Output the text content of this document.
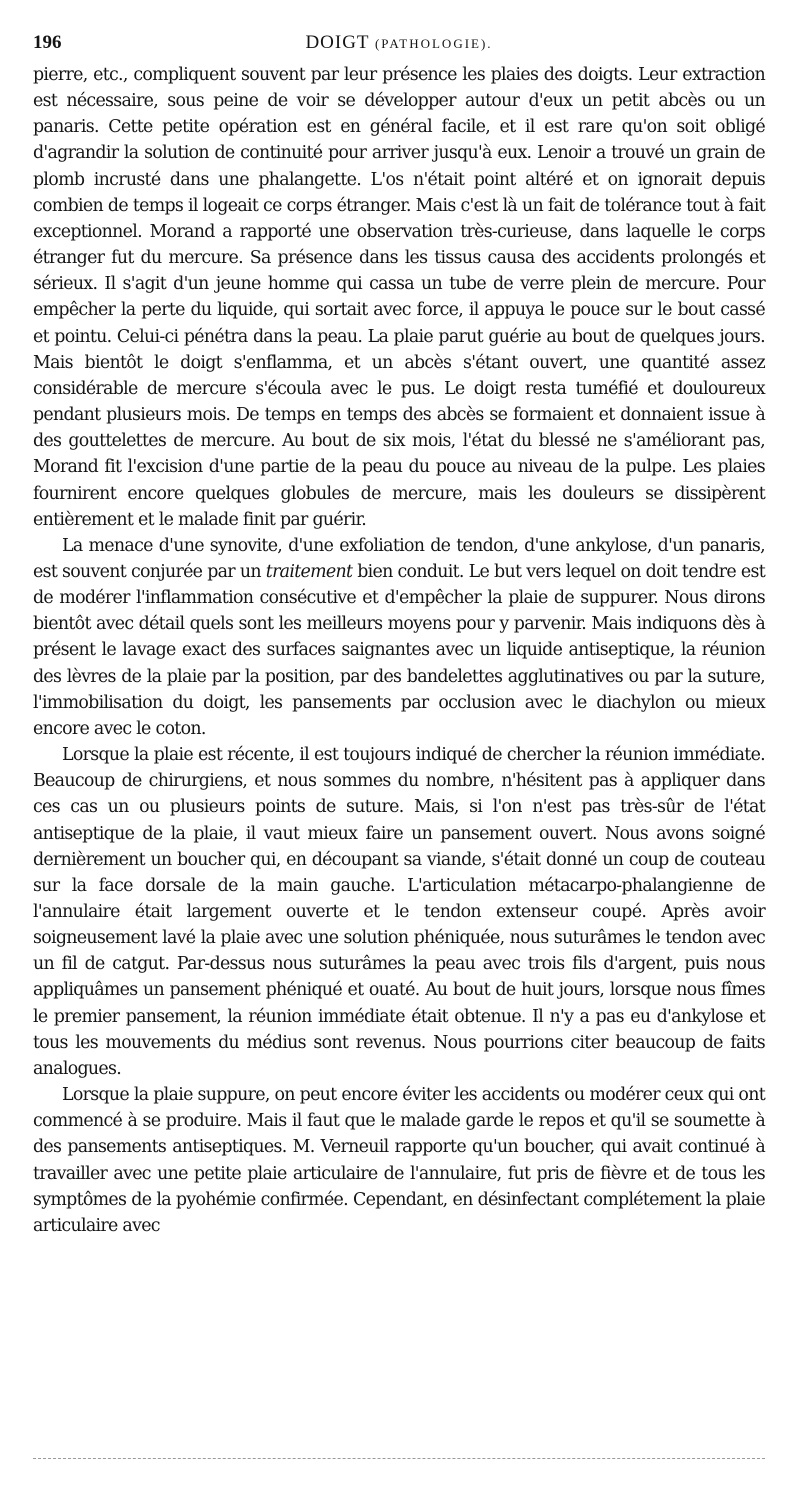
196	DOIGT (PATHOLOGIE).

pierre, etc., compliquent souvent par leur présence les plaies des doigts. Leur extraction est nécessaire, sous peine de voir se développer autour d'eux un petit abcès ou un panaris. Cette petite opération est en général facile, et il est rare qu'on soit obligé d'agrandir la solution de continuité pour arriver jusqu'à eux. Lenoir a trouvé un grain de plomb incrusté dans une phalangette. L'os n'était point altéré et on ignorait depuis combien de temps il logeait ce corps étranger. Mais c'est là un fait de tolérance tout à fait exceptionnel. Morand a rapporté une observation très-curieuse, dans laquelle le corps étranger fut du mercure. Sa présence dans les tissus causa des accidents prolongés et sérieux. Il s'agit d'un jeune homme qui cassa un tube de verre plein de mercure. Pour empêcher la perte du liquide, qui sortait avec force, il appuya le pouce sur le bout cassé et pointu. Celui-ci pénétra dans la peau. La plaie parut guérie au bout de quelques jours. Mais bientôt le doigt s'enflamma, et un abcès s'étant ouvert, une quantité assez considérable de mercure s'écoula avec le pus. Le doigt resta tuméfié et douloureux pendant plusieurs mois. De temps en temps des abcès se formaient et donnaient issue à des gouttelettes de mercure. Au bout de six mois, l'état du blessé ne s'améliorant pas, Morand fit l'excision d'une partie de la peau du pouce au niveau de la pulpe. Les plaies fournirent encore quelques globules de mercure, mais les douleurs se dissipèrent entièrement et le malade finit par guérir.

La menace d'une synovite, d'une exfoliation de tendon, d'une ankylose, d'un panaris, est souvent conjurée par un traitement bien conduit. Le but vers lequel on doit tendre est de modérer l'inflammation consécutive et d'empêcher la plaie de suppurer. Nous dirons bientôt avec détail quels sont les meilleurs moyens pour y parvenir. Mais indiquons dès à présent le lavage exact des surfaces saignantes avec un liquide antiseptique, la réunion des lèvres de la plaie par la position, par des bandelettes agglutinatives ou par la suture, l'immobilisation du doigt, les pansements par occlusion avec le diachylon ou mieux encore avec le coton.

Lorsque la plaie est récente, il est toujours indiqué de chercher la réunion immédiate. Beaucoup de chirurgiens, et nous sommes du nombre, n'hésitent pas à appliquer dans ces cas un ou plusieurs points de suture. Mais, si l'on n'est pas très-sûr de l'état antiseptique de la plaie, il vaut mieux faire un pansement ouvert. Nous avons soigné dernièrement un boucher qui, en découpant sa viande, s'était donné un coup de couteau sur la face dorsale de la main gauche. L'articulation métacarpo-phalangienne de l'annulaire était largement ouverte et le tendon extenseur coupé. Après avoir soigneusement lavé la plaie avec une solution phéniquée, nous suturâmes le tendon avec un fil de catgut. Par-dessus nous suturâmes la peau avec trois fils d'argent, puis nous appliquâmes un pansement phéniqué et ouaté. Au bout de huit jours, lorsque nous fîmes le premier pansement, la réunion immédiate était obtenue. Il n'y a pas eu d'ankylose et tous les mouvements du médius sont revenus. Nous pourrions citer beaucoup de faits analogues.

Lorsque la plaie suppure, on peut encore éviter les accidents ou modérer ceux qui ont commencé à se produire. Mais il faut que le malade garde le repos et qu'il se soumette à des pansements antiseptiques. M. Verneuil rapporte qu'un boucher, qui avait continué à travailler avec une petite plaie articulaire de l'annulaire, fut pris de fièvre et de tous les symptômes de la pyohémie confirmée. Cependant, en désinfectant complétement la plaie articulaire avec
